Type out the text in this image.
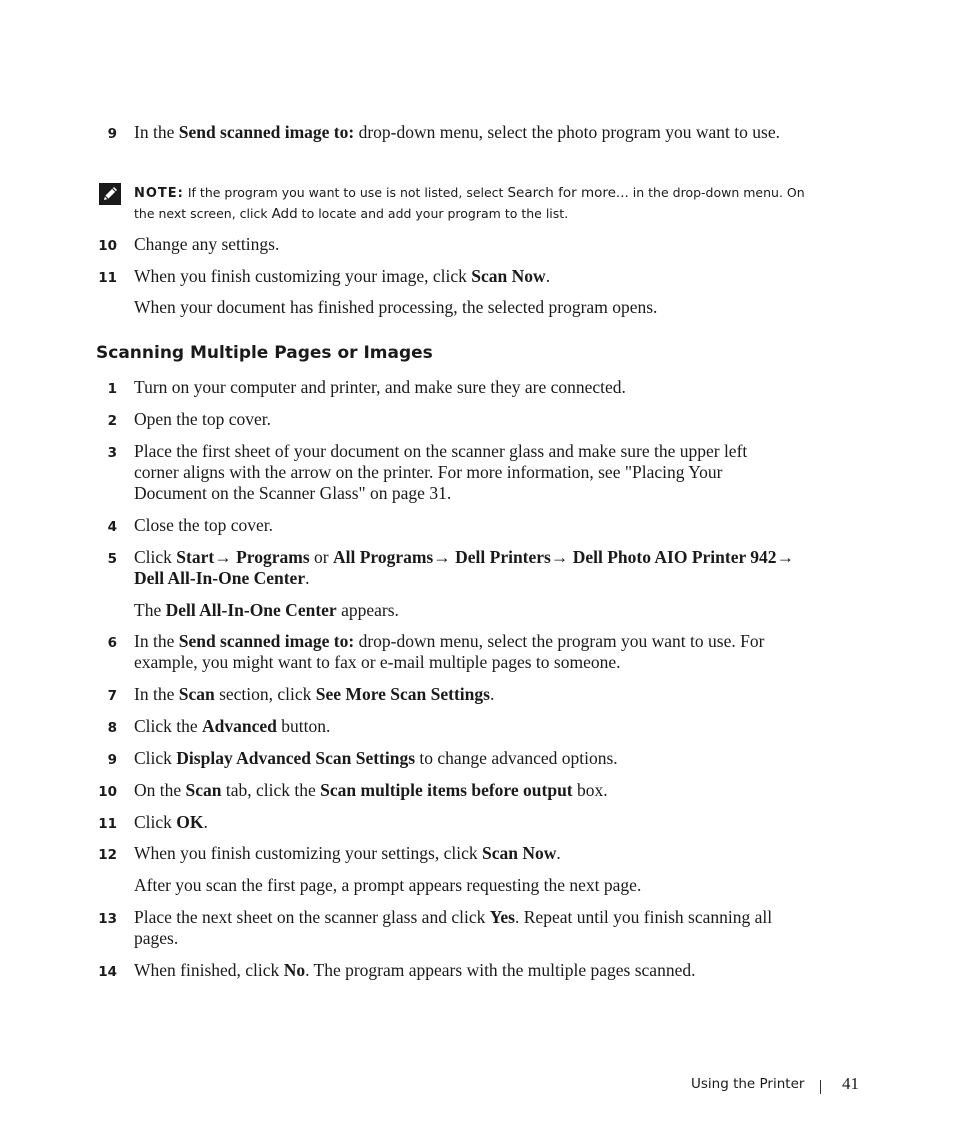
9 In the Send scanned image to: drop-down menu, select the photo program you want to use.
NOTE: If the program you want to use is not listed, select Search for more... in the drop-down menu. On the next screen, click Add to locate and add your program to the list.
10 Change any settings.
11 When you finish customizing your image, click Scan Now.
When your document has finished processing, the selected program opens.
Scanning Multiple Pages or Images
1 Turn on your computer and printer, and make sure they are connected.
2 Open the top cover.
3 Place the first sheet of your document on the scanner glass and make sure the upper left corner aligns with the arrow on the printer. For more information, see "Placing Your Document on the Scanner Glass" on page 31.
4 Close the top cover.
5 Click Start→ Programs or All Programs→ Dell Printers→ Dell Photo AIO Printer 942→ Dell All-In-One Center.
The Dell All-In-One Center appears.
6 In the Send scanned image to: drop-down menu, select the program you want to use. For example, you might want to fax or e-mail multiple pages to someone.
7 In the Scan section, click See More Scan Settings.
8 Click the Advanced button.
9 Click Display Advanced Scan Settings to change advanced options.
10 On the Scan tab, click the Scan multiple items before output box.
11 Click OK.
12 When you finish customizing your settings, click Scan Now.
After you scan the first page, a prompt appears requesting the next page.
13 Place the next sheet on the scanner glass and click Yes. Repeat until you finish scanning all pages.
14 When finished, click No. The program appears with the multiple pages scanned.
Using the Printer 41
